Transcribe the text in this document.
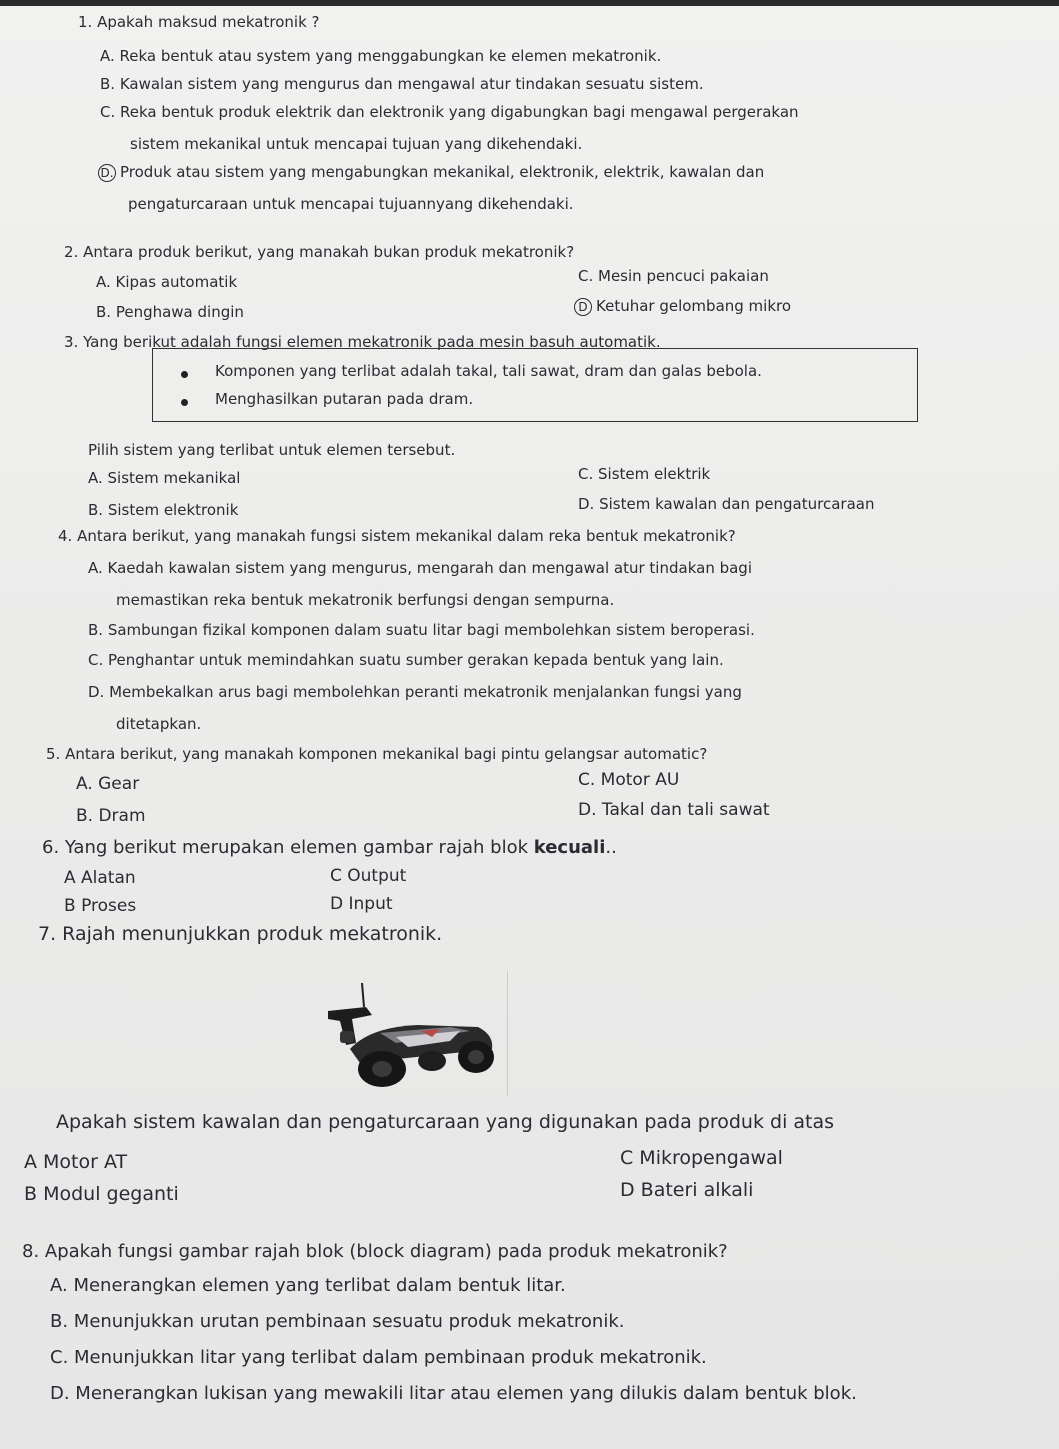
1. Apakah maksud mekatronik ?
A. Reka bentuk atau system yang menggabungkan ke elemen mekatronik.
B. Kawalan sistem yang mengurus dan mengawal atur tindakan sesuatu sistem.
C. Reka bentuk produk elektrik dan elektronik yang digabungkan bagi mengawal pergerakan
sistem mekanikal untuk mencapai tujuan yang dikehendaki.
D. Produk atau sistem yang mengabungkan mekanikal, elektronik, elektrik, kawalan dan
pengaturcaraan untuk mencapai tujuannyang dikehendaki.
2. Antara produk berikut, yang manakah bukan produk mekatronik?
A. Kipas automatik
B. Penghawa dingin
C. Mesin pencuci pakaian
D Ketuhar gelombang mikro
3. Yang berikut adalah fungsi elemen mekatronik pada mesin basuh automatik.
Komponen yang terlibat adalah takal, tali sawat, dram dan galas bebola.
Menghasilkan putaran pada dram.
Pilih sistem yang terlibat untuk elemen tersebut.
A. Sistem mekanikal
B. Sistem elektronik
C. Sistem elektrik
D. Sistem kawalan dan pengaturcaraan
4. Antara berikut, yang manakah fungsi sistem mekanikal dalam reka bentuk mekatronik?
A. Kaedah kawalan sistem yang mengurus, mengarah dan mengawal atur tindakan bagi
memastikan reka bentuk mekatronik berfungsi dengan sempurna.
B. Sambungan fizikal komponen dalam suatu litar bagi membolehkan sistem beroperasi.
C. Penghantar untuk memindahkan suatu sumber gerakan kepada bentuk yang lain.
D. Membekalkan arus bagi membolehkan peranti mekatronik menjalankan fungsi yang
ditetapkan.
5. Antara berikut, yang manakah komponen mekanikal bagi pintu gelangsar automatic?
A. Gear
B. Dram
C. Motor AU
D. Takal dan tali sawat
6. Yang berikut merupakan elemen gambar rajah blok kecuali..
A Alatan
B Proses
C Output
D Input
7. Rajah menunjukkan produk mekatronik.
Apakah sistem kawalan dan pengaturcaraan yang digunakan pada produk di atas
A Motor AT
B Modul geganti
C Mikropengawal
D Bateri alkali
8. Apakah fungsi gambar rajah blok (block diagram) pada produk mekatronik?
A. Menerangkan elemen yang terlibat dalam bentuk litar.
B. Menunjukkan urutan pembinaan sesuatu produk mekatronik.
C. Menunjukkan litar yang terlibat dalam pembinaan produk mekatronik.
D. Menerangkan lukisan yang mewakili litar atau elemen yang dilukis dalam bentuk blok.
